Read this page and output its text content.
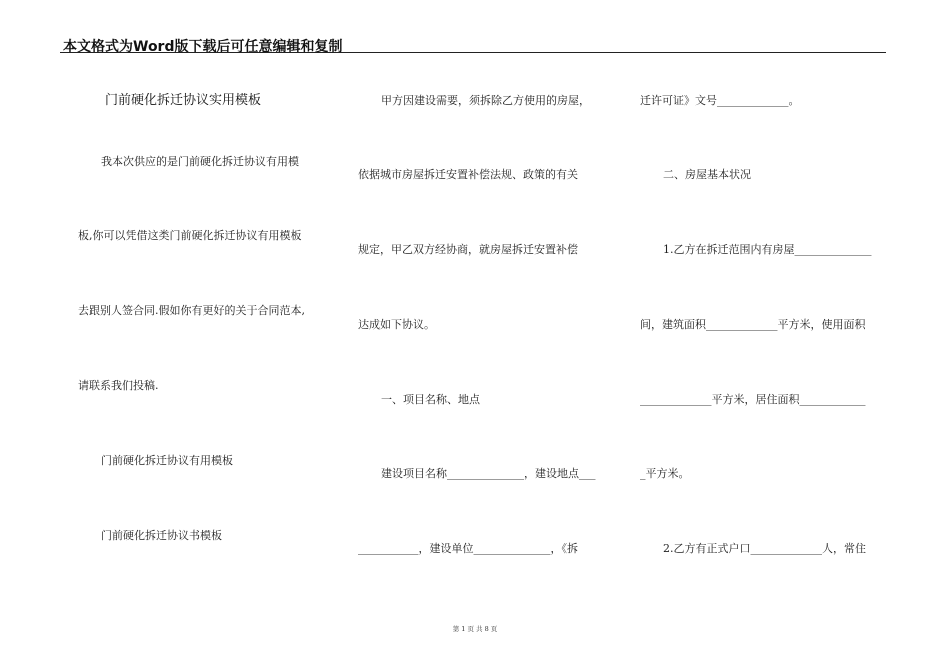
本文格式为Word版下载后可任意编辑和复制
门前硬化拆迁协议实用模板
我本次供应的是门前硬化拆迁协议有用模
板,你可以凭借这类门前硬化拆迁协议有用模板
去跟别人签合同.假如你有更好的关于合同范本,
请联系我们投稿.
门前硬化拆迁协议有用模板
门前硬化拆迁协议书模板
甲方因建设需要，须拆除乙方使用的房屋，
依据城市房屋拆迁安置补偿法规、政策的有关
规定，甲乙双方经协商，就房屋拆迁安置补偿
达成如下协议。
一、项目名称、地点
建设项目名称______________，建设地点___
___________，建设单位______________，《拆
迁许可证》文号_____________。
二、房屋基本状况
1.乙方在拆迁范围内有房屋______________
间，建筑面积_____________平方米，使用面积
_____________平方米，居住面积____________
_平方米。
2.乙方有正式户口_____________人，常住
第 1 页 共 8 页
